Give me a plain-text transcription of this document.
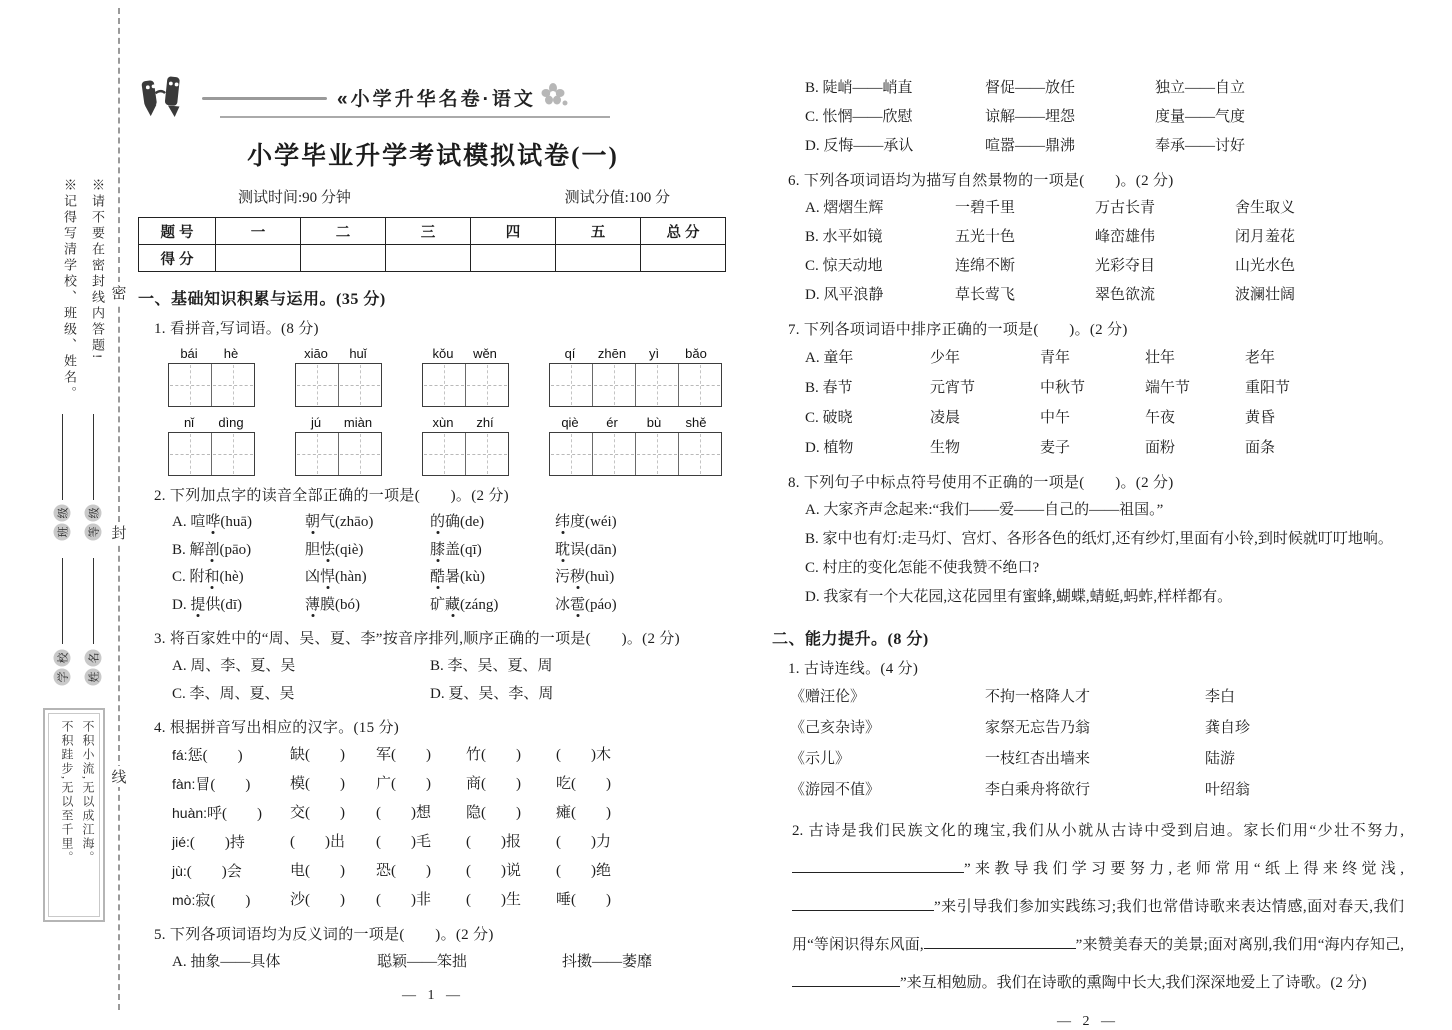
密
封
线
※请不要在密封线内答题! ※记得写清学校、班级、姓名。
班
级
等
级
学
校
姓
名
不积小流,无以成江海。 不积跬步,无以至千里。
«小学升华名卷·语文
小学毕业升学考试模拟试卷(一)
测试时间:90 分钟	测试分值:100 分
题 号	一	二	三	四	五	总 分
得 分						
一、基础知识积累与运用。(35 分)
1. 看拼音,写词语。(8 分)
bái	hè	xiāo	huǐ	kǒu	wěn	qí	zhēn	yì	bǎo
nǐ	dìng	jú	miàn	xùn	zhí	qiè	ér	bù	shě
2. 下列加点字的读音全部正确的一项是(　　)。(2 分)
A. 喧哗(huā)	朝气(zhāo)	的确(de)	纬度(wéi)
B. 解剖(pāo)	胆怯(qiè)	膝盖(qī)	耽误(dān)
C. 附和(hè)	凶悍(hàn)	酷暑(kù)	污秽(huì)
D. 提供(dī)	薄膜(bó)	矿藏(záng)	冰雹(páo)
3. 将百家姓中的“周、吴、夏、李”按音序排列,顺序正确的一项是(　　)。(2 分)
A. 周、李、夏、吴	B. 李、吴、夏、周
C. 李、周、夏、吴	D. 夏、吴、李、周
4. 根据拼音写出相应的汉字。(15 分)
fá:惩(　　)	缺(　　)	军(　　)	竹(　　)	(　　)木
fàn:冒(　　)	模(　　)	广(　　)	商(　　)	吃(　　)
huàn:呼(　　)	交(　　)	(　　)想	隐(　　)	瘫(　　)
jié:(　　)持	(　　)出	(　　)毛	(　　)报	(　　)力
jù:(　　)会	电(　　)	恐(　　)	(　　)说	(　　)绝
mò:寂(　　)	沙(　　)	(　　)非	(　　)生	唾(　　)
5. 下列各项词语均为反义词的一项是(　　)。(2 分)
A. 抽象——具体	聪颖——笨拙	抖擞——萎靡
— 1 —
B. 陡峭——峭直	督促——放任	独立——自立
C. 怅惘——欣慰	谅解——埋怨	度量——气度
D. 反悔——承认	喧嚣——鼎沸	奉承——讨好
6. 下列各项词语均为描写自然景物的一项是(　　)。(2 分)
A. 熠熠生辉	一碧千里	万古长青	舍生取义
B. 水平如镜	五光十色	峰峦雄伟	闭月羞花
C. 惊天动地	连绵不断	光彩夺目	山光水色
D. 风平浪静	草长莺飞	翠色欲流	波澜壮阔
7. 下列各项词语中排序正确的一项是(　　)。(2 分)
A. 童年	少年	青年	壮年	老年
B. 春节	元宵节	中秋节	端午节	重阳节
C. 破晓	凌晨	中午	午夜	黄昏
D. 植物	生物	麦子	面粉	面条
8. 下列句子中标点符号使用不正确的一项是(　　)。(2 分)
A. 大家齐声念起来:“我们——爱——自己的——祖国。”
B. 家中也有灯:走马灯、宫灯、各形各色的纸灯,还有纱灯,里面有小铃,到时候就叮叮地响。
C. 村庄的变化怎能不使我赞不绝口?
D. 我家有一个大花园,这花园里有蜜蜂,蝴蝶,蜻蜓,蚂蚱,样样都有。
二、能力提升。(8 分)
1. 古诗连线。(4 分)
《赠汪伦》	不拘一格降人才	李白
《己亥杂诗》	家祭无忘告乃翁	龚自珍
《示儿》	一枝红杏出墙来	陆游
《游园不值》	李白乘舟将欲行	叶绍翁
2. 古诗是我们民族文化的瑰宝,我们从小就从古诗中受到启迪。家长们用“少壮不努力,”来教导我们学习要努力,老师常用“纸上得来终觉浅,”来引导我们参加实践练习;我们也常借诗歌来表达情感,面对春天,我们用“等闲识得东风面,	”来赞美春天的美景;面对离别,我们用“海内存知己,”来互相勉励。我们在诗歌的熏陶中长大,我们深深地爱上了诗歌。(2 分)
— 2 —
